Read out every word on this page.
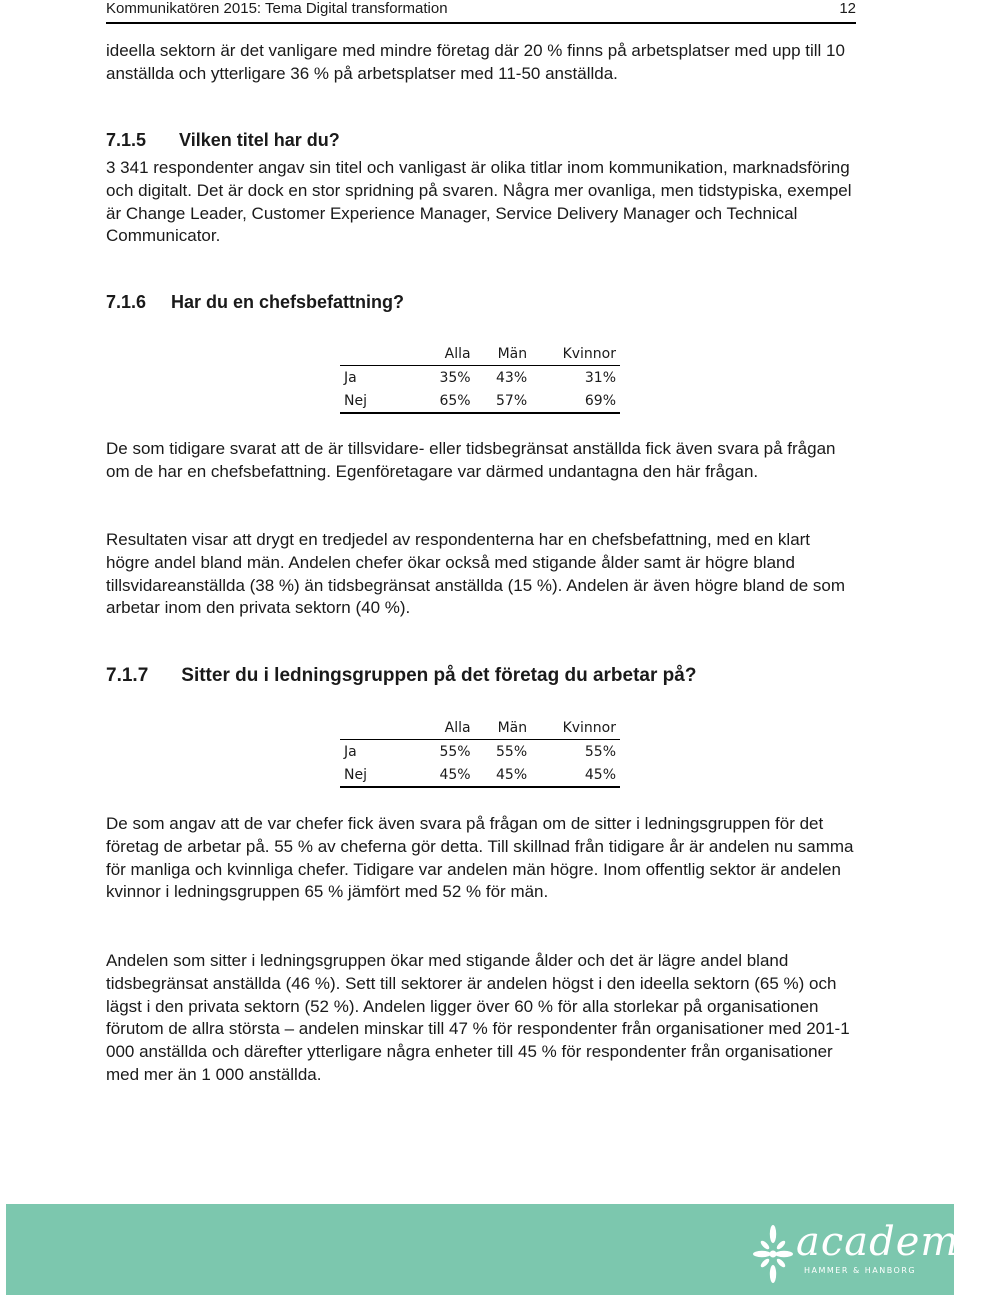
Kommunikatören 2015: Tema Digital transformation	12

ideella sektorn är det vanligare med mindre företag där 20 % finns på arbetsplatser med upp till 10 anställda och ytterligare 36 % på arbetsplatser med 11-50 anställda.

7.1.5 Vilken titel har du?

3 341 respondenter angav sin titel och vanligast är olika titlar inom kommunikation, marknadsföring och digitalt. Det är dock en stor spridning på svaren. Några mer ovanliga, men tidstypiska, exempel är Change Leader, Customer Experience Manager, Service Delivery Manager och Technical Communicator.

7.1.6 Har du en chefsbefattning?
	Alla	Män	Kvinnor
Ja	35%	43%	31%
Nej	65%	57%	69%

De som tidigare svarat att de är tillsvidare- eller tidsbegränsat anställda fick även svara på frågan om de har en chefsbefattning. Egenföretagare var därmed undantagna den här frågan.

Resultaten visar att drygt en tredjedel av respondenterna har en chefsbefattning, med en klart högre andel bland män. Andelen chefer ökar också med stigande ålder samt är högre bland tillsvidareanställda (38 %) än tidsbegränsat anställda (15 %). Andelen är även högre bland de som arbetar inom den privata sektorn (40 %).

7.1.7 Sitter du i ledningsgruppen på det företag du arbetar på?
	Alla	Män	Kvinnor
Ja	55%	55%	55%
Nej	45%	45%	45%

De som angav att de var chefer fick även svara på frågan om de sitter i ledningsgruppen för det företag de arbetar på. 55 % av cheferna gör detta. Till skillnad från tidigare år är andelen nu samma för manliga och kvinnliga chefer. Tidigare var andelen män högre. Inom offentlig sektor är andelen kvinnor i ledningsgruppen 65 % jämfört med 52 % för män.

Andelen som sitter i ledningsgruppen ökar med stigande ålder och det är lägre andel bland tidsbegränsat anställda (46 %). Sett till sektorer är andelen högst i den ideella sektorn (65 %) och lägst i den privata sektorn (52 %). Andelen ligger över 60 % för alla storlekar på organisationen förutom de allra största – andelen minskar till 47 % för respondenter från organisationer med 201-1 000 anställda och därefter ytterligare några enheter till 45 % för respondenter från organisationer med mer än 1 000 anställda.

academy
HAMMER & HANBORG
